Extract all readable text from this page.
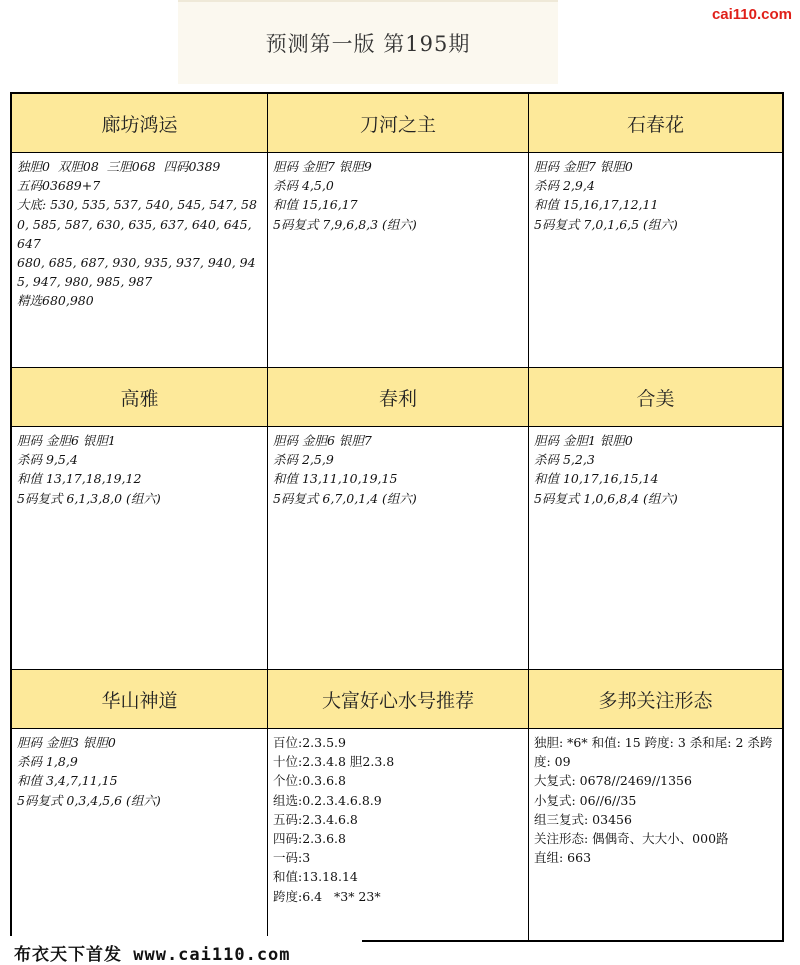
cai110.com
预测第一版 第195期
廊坊鸿运
独胆0  双胆08  三胆068  四码0389
五码03689+7
大底: 530, 535, 537, 540, 545, 547, 580, 585, 587, 630, 635, 637, 640, 645, 647
680, 685, 687, 930, 935, 937, 940, 945, 947, 980, 985, 987
精选680,980
刀河之主
胆码 金胆7 银胆9
杀码 4,5,0
和值 15,16,17
5码复式 7,9,6,8,3 (组六)
石春花
胆码 金胆7 银胆0
杀码 2,9,4
和值 15,16,17,12,11
5码复式 7,0,1,6,5 (组六)
高雅
胆码 金胆6 银胆1
杀码 9,5,4
和值 13,17,18,19,12
5码复式 6,1,3,8,0 (组六)
春利
胆码 金胆6 银胆7
杀码 2,5,9
和值 13,11,10,19,15
5码复式 6,7,0,1,4 (组六)
合美
胆码 金胆1 银胆0
杀码 5,2,3
和值 10,17,16,15,14
5码复式 1,0,6,8,4 (组六)
华山神道
胆码 金胆3 银胆0
杀码 1,8,9
和值 3,4,7,11,15
5码复式 0,3,4,5,6 (组六)
大富好心水号推荐
百位:2.3.5.9
十位:2.3.4.8 胆2.3.8
个位:0.3.6.8
组选:0.2.3.4.6.8.9
五码:2.3.4.6.8
四码:2.3.6.8
一码:3
和值:13.18.14
跨度:6.4   *3* 23*
多邦关注形态
独胆: *6* 和值: 15 跨度: 3 杀和尾: 2 杀跨度: 09
大复式: 0678//2469//1356
小复式: 06//6//35
组三复式: 03456
关注形态: 偶偶奇、大大小、000路
直组: 663
布衣天下首发 www.cai110.com
